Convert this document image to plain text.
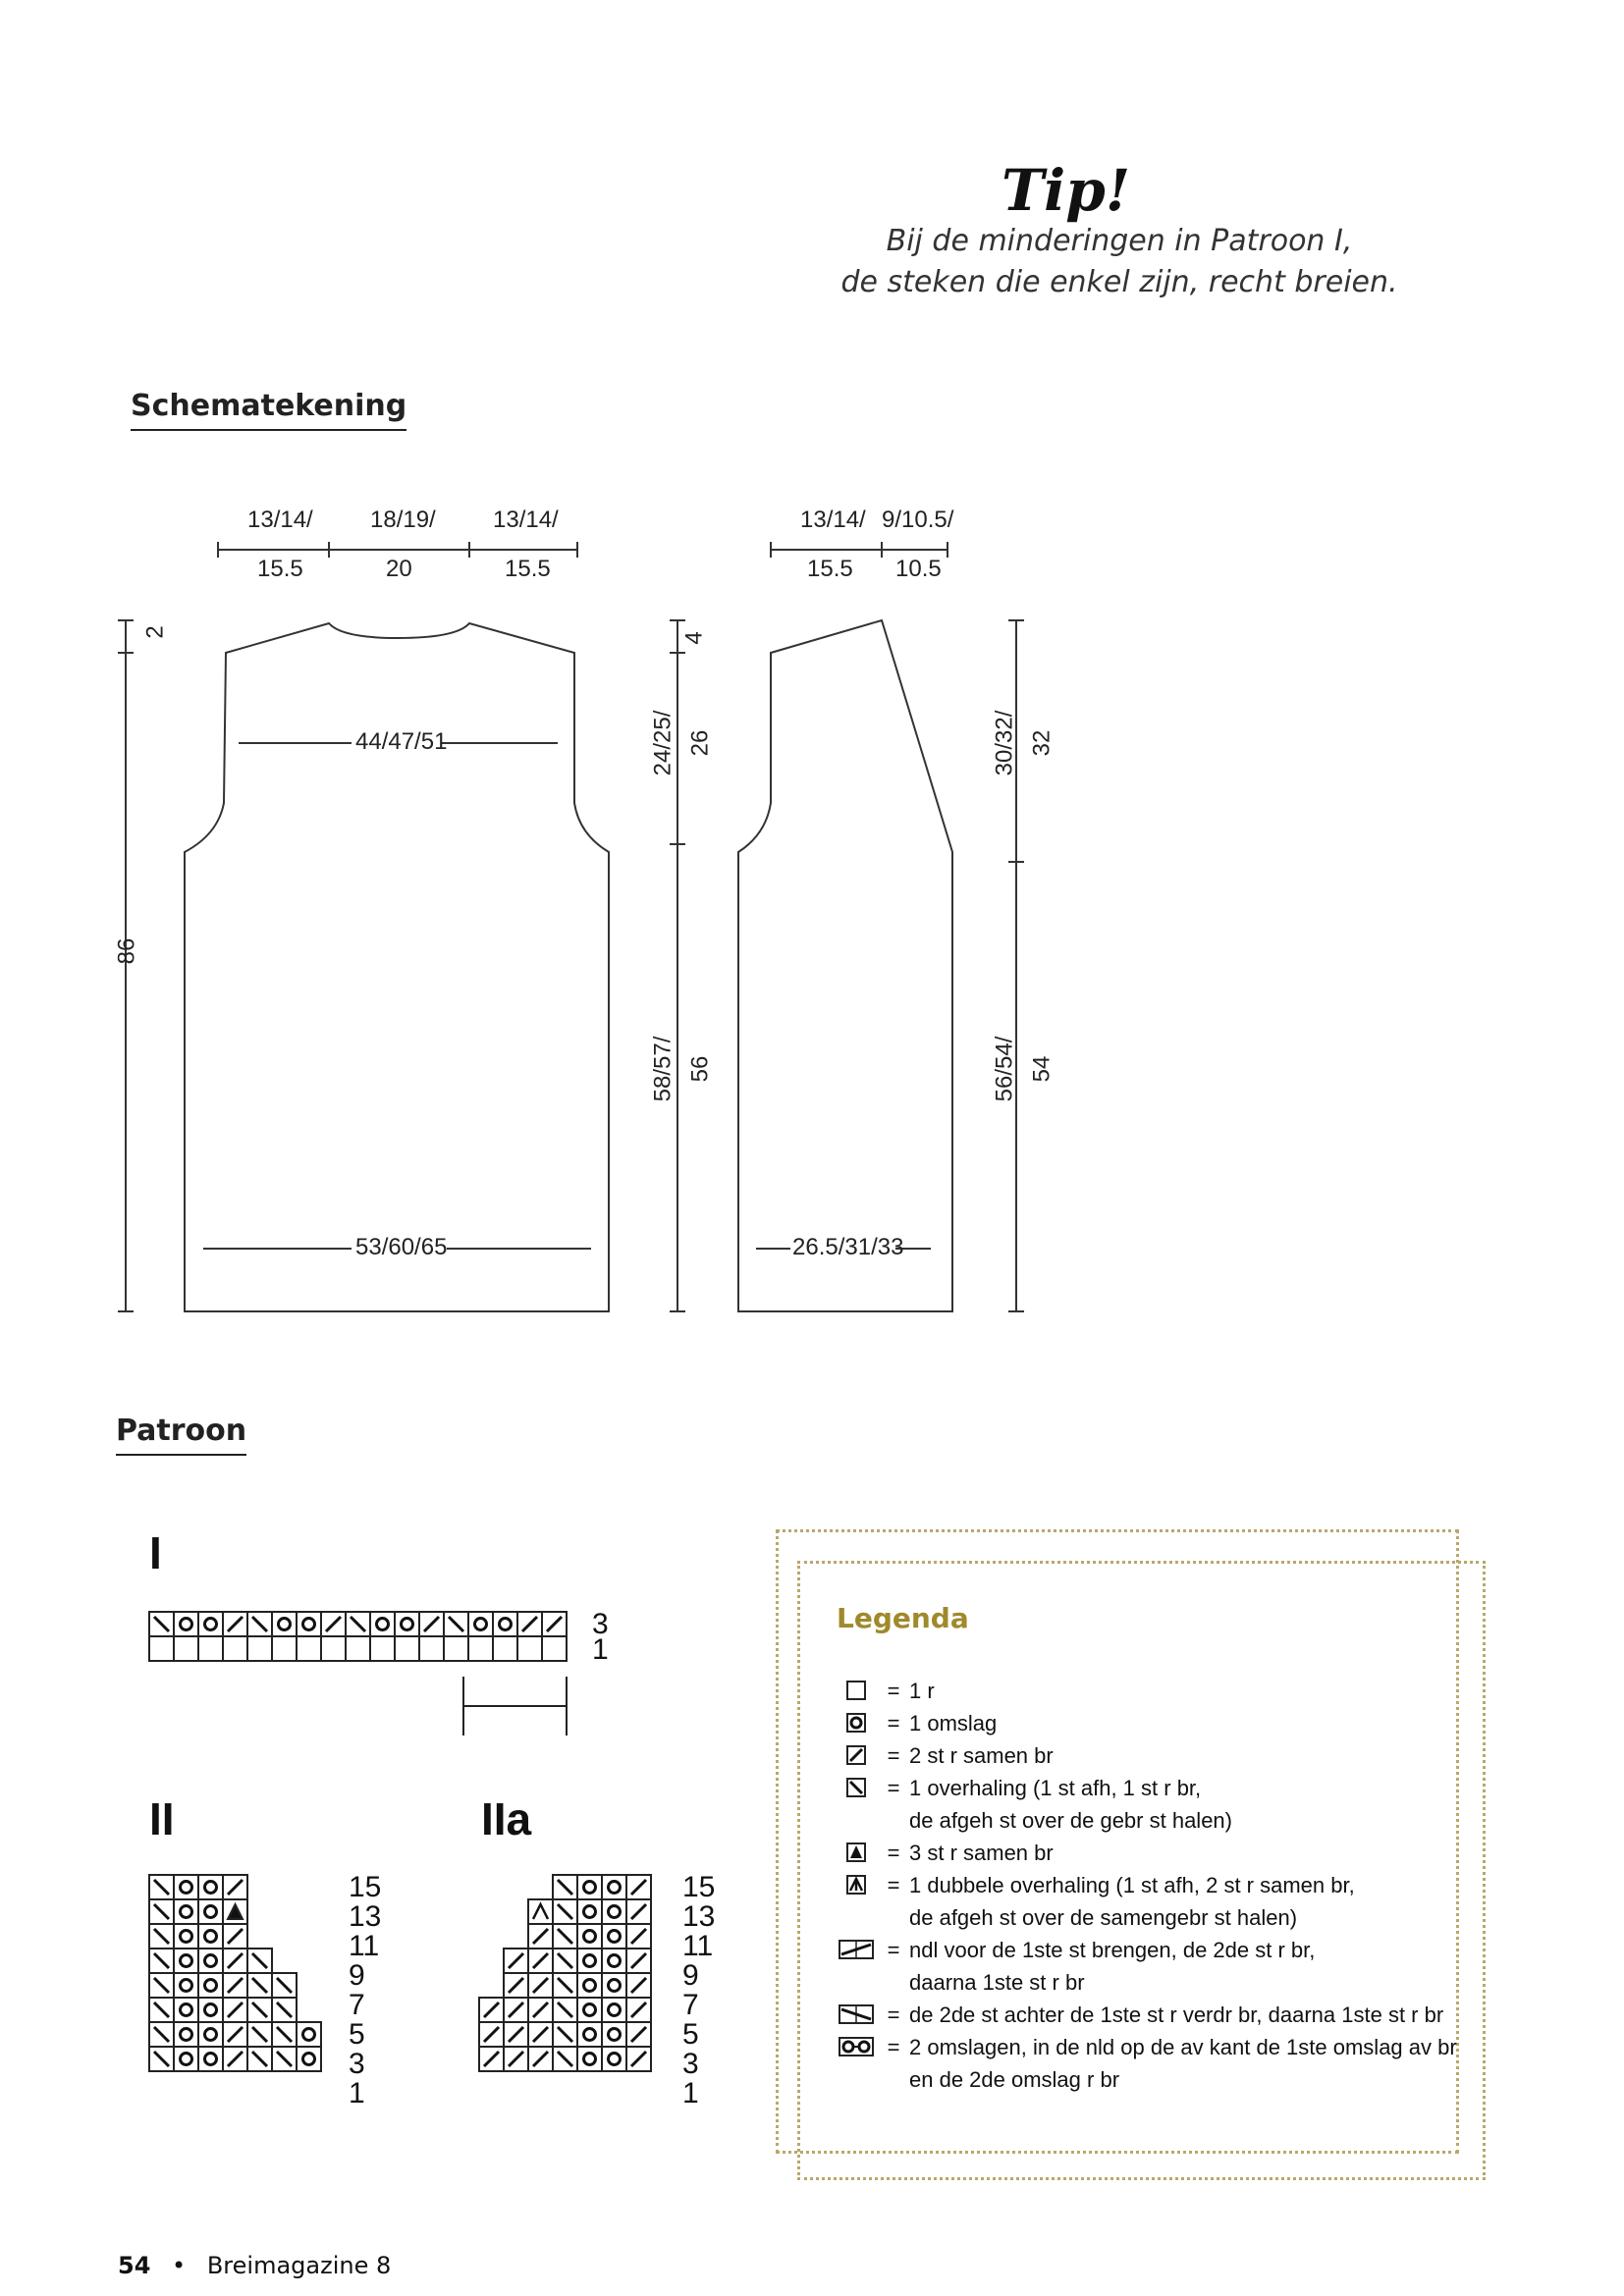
Tip!
Bij de minderingen in Patroon I,
de steken die enkel zijn, recht breien.
Schematekening
13/14/
15.5
18/19/
20
13/14/
15.5
13/14/
15.5
9/10.5/
10.5
2
86
44/47/51
53/60/65
4
24/25/ 26
58/57/ 56
26.5/31/33
30/32/ 32
56/54/ 54
Patroon
I
3
1
II
15
13
11
9
7
5
3
1
IIa
15
13
11
9
7
5
3
1
Legenda
= 1 r
= 1 omslag
= 2 st r samen br
= 1 overhaling (1 st afh, 1 st r br,
de afgeh st over de gebr st halen)
= 3 st r samen br
= 1 dubbele overhaling (1 st afh, 2 st r samen br,
de afgeh st over de samengebr st halen)
= ndl voor de 1ste st brengen, de 2de st r br,
daarna 1ste st r br
= de 2de st achter de 1ste st r verdr br, daarna 1ste st r br
= 2 omslagen, in de nld op de av kant de 1ste omslag av br
en de 2de omslag r br
54 • Breimagazine 8
